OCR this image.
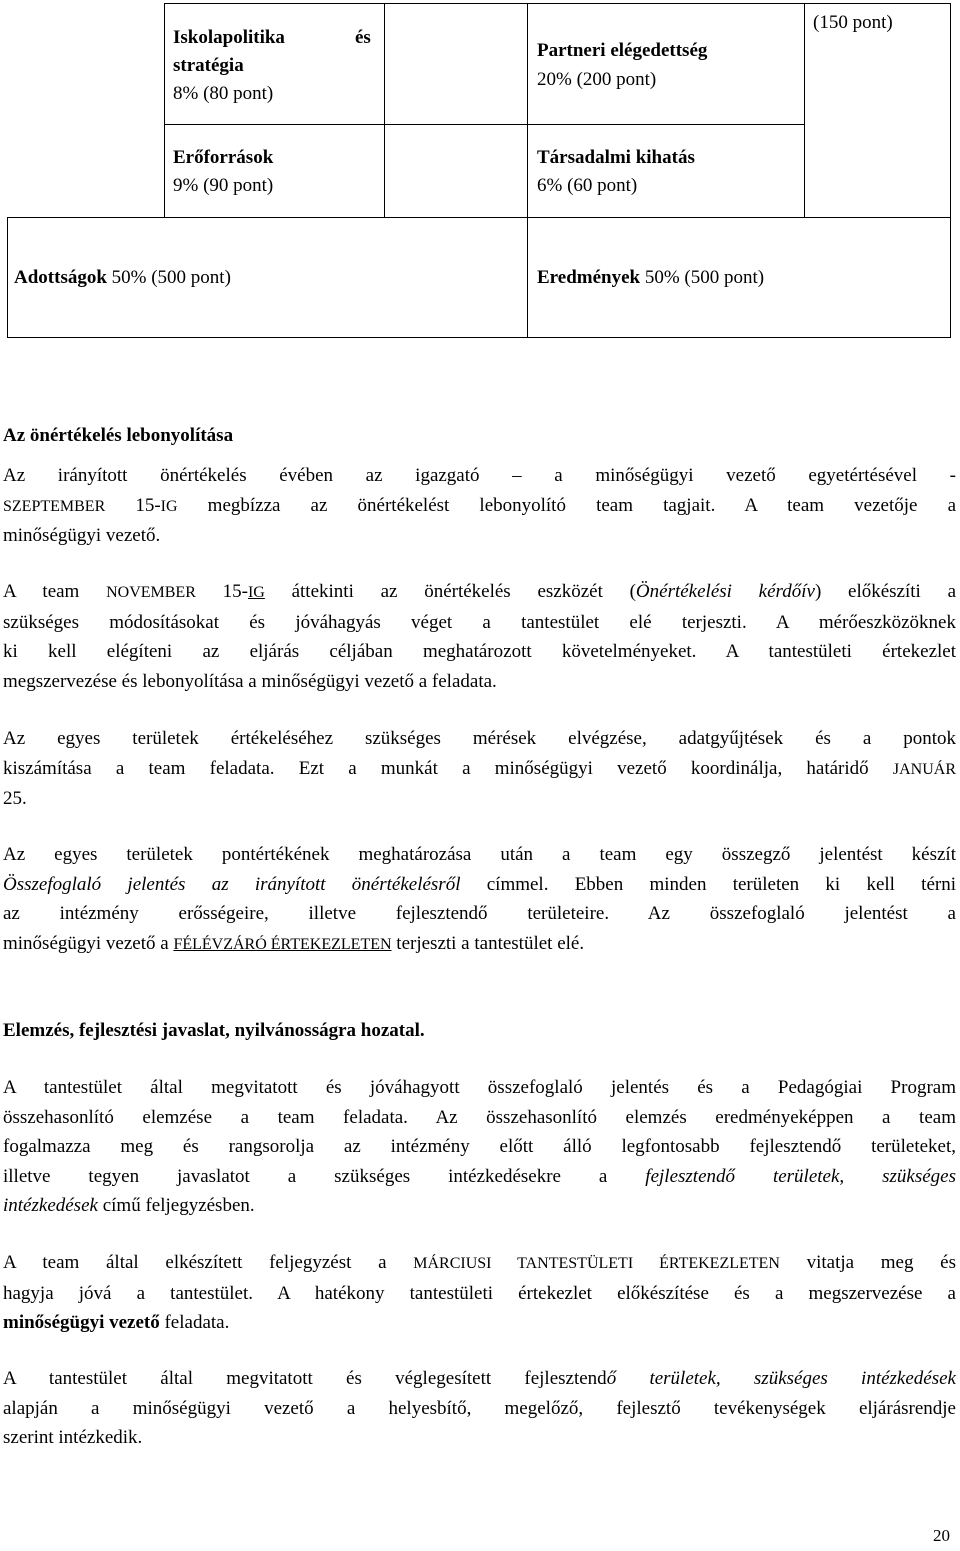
Iskolapolitika	és
stratégia
8% (80 pont)
Partneri elégedettség
20% (200 pont)
(150 pont)
Erőforrások
9% (90 pont)
Társadalmi kihatás
6% (60 pont)
Adottságok 50% (500 pont)	Eredmények 50% (500 pont)
Az önértékelés lebonyolítása
Az irányított önértékelés évében az igazgató – a minőségügyi vezető egyetértésével -
SZEPTEMBER 15-IG megbízza az önértékelést lebonyolító team tagjait. A team vezetője a
minőségügyi vezető.
A team NOVEMBER 15-IG áttekinti az önértékelés eszközét (Önértékelési kérdőív) előkészíti a
szükséges módosításokat és jóváhagyás véget a tantestület elé terjeszti. A mérőeszközöknek
ki kell elégíteni az eljárás céljában meghatározott követelményeket. A tantestületi értekezlet
megszervezése és lebonyolítása a minőségügyi vezető a feladata.
Az egyes területek értékeléséhez szükséges mérések elvégzése, adatgyűjtések és a pontok
kiszámítása a team feladata. Ezt a munkát a minőségügyi vezető koordinálja, határidő JANUÁR
25.
Az egyes területek pontértékének meghatározása után a team egy összegző jelentést készít
Összefoglaló jelentés az irányított önértékelésről címmel. Ebben minden területen ki kell térni
az intézmény erősségeire, illetve fejlesztendő területeire. Az összefoglaló jelentést a
minőségügyi vezető a FÉLÉVZÁRÓ ÉRTEKEZLETEN terjeszti a tantestület elé.
Elemzés, fejlesztési javaslat, nyilvánosságra hozatal.
A tantestület által megvitatott és jóváhagyott összefoglaló jelentés és a Pedagógiai Program
összehasonlító elemzése a team feladata. Az összehasonlító elemzés eredményeképpen a team
fogalmazza meg és rangsorolja az intézmény előtt álló legfontosabb fejlesztendő területeket,
illetve tegyen javaslatot a szükséges intézkedésekre a fejlesztendő területek, szükséges
intézkedések című feljegyzésben.
A team által elkészített feljegyzést a MÁRCIUSI TANTESTÜLETI ÉRTEKEZLETEN vitatja meg és
hagyja jóvá a tantestület. A hatékony tantestületi értekezlet előkészítése és a megszervezése a
minőségügyi vezető feladata.
A tantestület által megvitatott és véglegesített fejlesztendő területek, szükséges intézkedések
alapján a minőségügyi vezető a helyesbítő, megelőző, fejlesztő tevékenységek eljárásrendje
szerint intézkedik.
20
